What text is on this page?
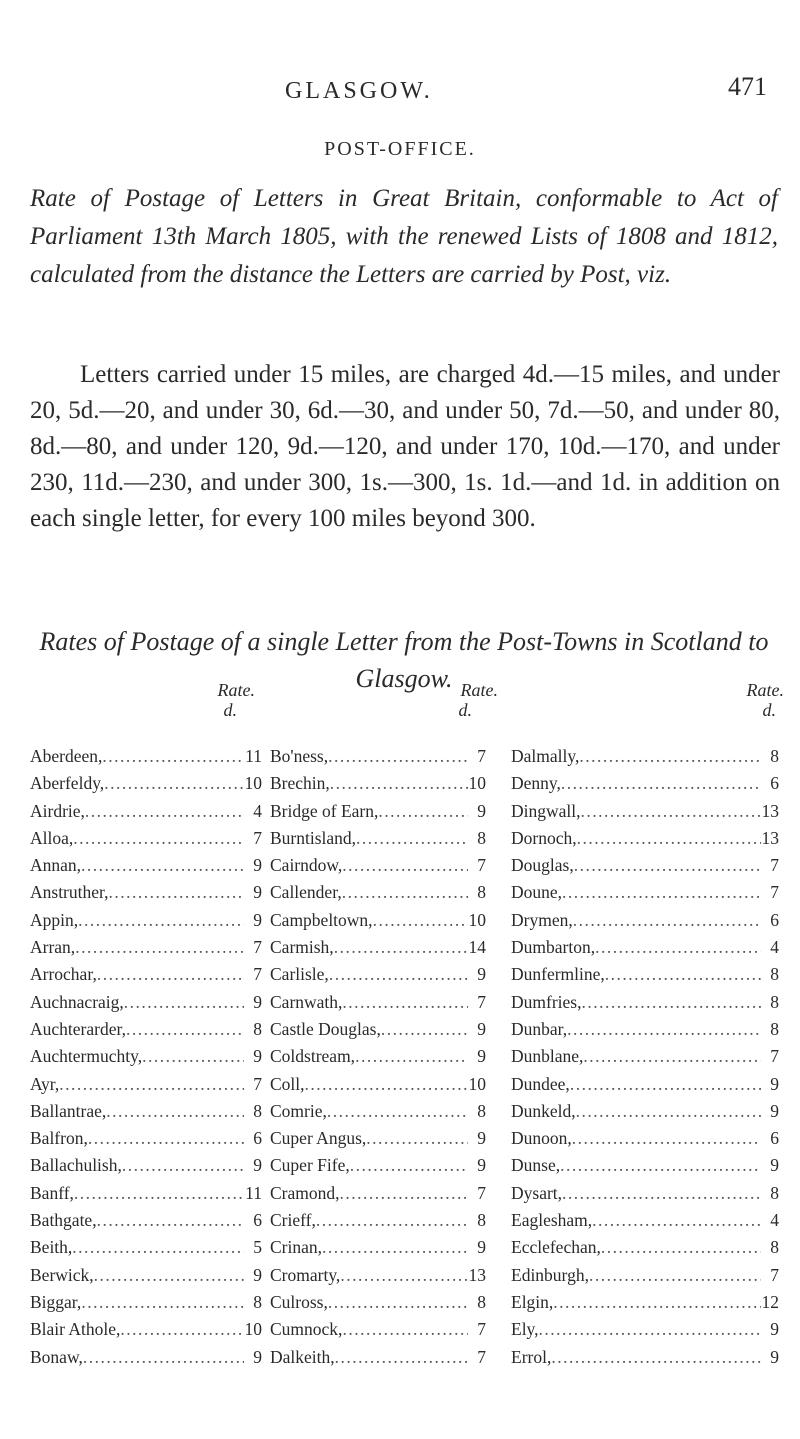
GLASGOW.	471
POST-OFFICE.
Rate of Postage of Letters in Great Britain, conformable to Act of Parliament 13th March 1805, with the renewed Lists of 1808 and 1812, calculated from the distance the Letters are carried by Post, viz.
Letters carried under 15 miles, are charged 4d.—15 miles, and under 20, 5d.—20, and under 30, 6d.—30, and under 50, 7d.—50, and under 80, 8d.—80, and under 120, 9d.—120, and under 170, 10d.—170, and under 230, 11d.—230, and under 300, 1s.—300, 1s. 1d.—and 1d. in addition on each single letter, for every 100 miles beyond 300.
Rates of Postage of a single Letter from the Post-Towns in Scotland to Glasgow.
Rate.
d.
Rate.
d.
Rate.
d.
Aberdeen, .....	11
Aberfeldy, .....	10
Airdrie, .....	4
Alloa, .....	7
Annan, .....	9
Anstruther, .....	9
Appin, .....	9
Arran, .....	7
Arrochar, .....	7
Auchnacraig, .....	9
Auchterarder, .....	8
Auchtermuchty, .....	9
Ayr, .....	7
Ballantrae, .....	8
Balfron, .....	6
Ballachulish, .....	9
Banff, .....	11
Bathgate, .....	6
Beith, .....	5
Berwick, .....	9
Biggar, .....	8
Blair Athole, .....	10
Bonaw, .....	9
Bo'ness, .....	7
Brechin, .....	10
Bridge of Earn, .....	9
Burntisland, .....	8
Cairndow, .....	7
Callender, .....	8
Campbeltown, .....	10
Carmish, .....	14
Carlisle, .....	9
Carnwath, .....	7
Castle Douglas, .....	9
Coldstream, .....	9
Coll, .....	10
Comrie, .....	8
Cuper Angus, .....	9
Cuper Fife, .....	9
Cramond, .....	7
Crieff, .....	8
Crinan, .....	9
Cromarty, .....	13
Culross, .....	8
Cumnock, .....	7
Dalkeith, .....	7
Dalmally, .....	8
Denny, .....	6
Dingwall, .....	13
Dornoch, .....	13
Douglas, .....	7
Doune, .....	7
Drymen, .....	6
Dumbarton, .....	4
Dunfermline, .....	8
Dumfries, .....	8
Dunbar, .....	8
Dunblane, .....	7
Dundee, .....	9
Dunkeld, .....	9
Dunoon, .....	6
Dunse, .....	9
Dysart, .....	8
Eaglesham, .....	4
Ecclefechan, .....	8
Edinburgh, .....	7
Elgin, .....	12
Ely, .....	9
Errol, .....	9
